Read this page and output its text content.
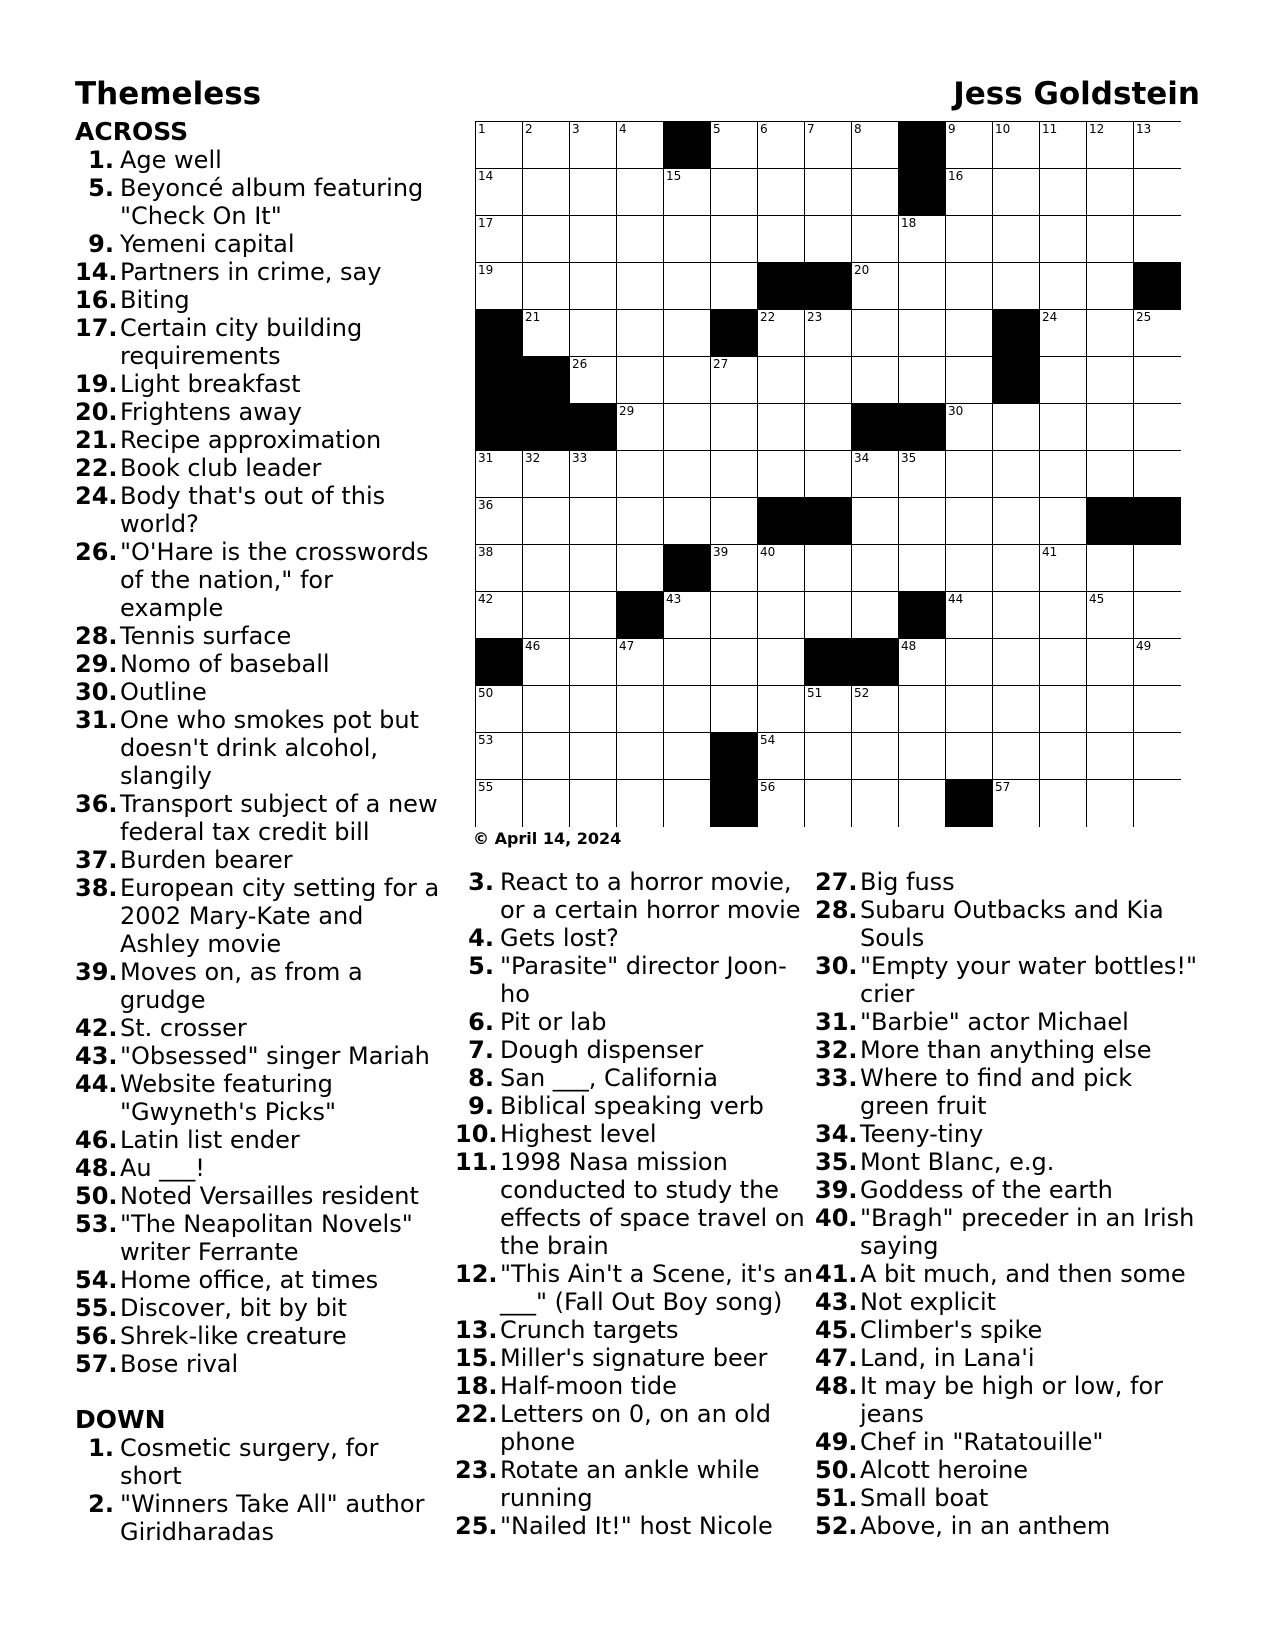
Themeless	Jess Goldstein
1	2	3	4	5	6	7	8	9	10	11	12	13
14	15	16
17	18
19	20
21	22	23	24	25
26	27
29	30
31	32	33	34	35
36
38	39	40	41
42	43	44	45
46	47	48	49
50	51	52
53	54
55	56	57
© April 14, 2024
ACROSS
1. Age well
5. Beyoncé album featuring "Check On It"
9. Yemeni capital
14. Partners in crime, say
16. Biting
17. Certain city building requirements
19. Light breakfast
20. Frightens away
21. Recipe approximation
22. Book club leader
24. Body that's out of this world?
26. "O'Hare is the crosswords of the nation," for example
28. Tennis surface
29. Nomo of baseball
30. Outline
31. One who smokes pot but doesn't drink alcohol, slangily
36. Transport subject of a new federal tax credit bill
37. Burden bearer
38. European city setting for a 2002 Mary-Kate and Ashley movie
39. Moves on, as from a grudge
42. St. crosser
43. "Obsessed" singer Mariah
44. Website featuring "Gwyneth's Picks"
46. Latin list ender
48. Au ___!
50. Noted Versailles resident
53. "The Neapolitan Novels" writer Ferrante
54. Home office, at times
55. Discover, bit by bit
56. Shrek-like creature
57. Bose rival
DOWN
1. Cosmetic surgery, for short
2. "Winners Take All" author Giridharadas
3. React to a horror movie, or a certain horror movie
4. Gets lost?
5. "Parasite" director Joon-ho
6. Pit or lab
7. Dough dispenser
8. San ___, California
9. Biblical speaking verb
10. Highest level
11. 1998 Nasa mission conducted to study the effects of space travel on the brain
12. "This Ain't a Scene, it's an ___" (Fall Out Boy song)
13. Crunch targets
15. Miller's signature beer
18. Half-moon tide
22. Letters on 0, on an old phone
23. Rotate an ankle while running
25. "Nailed It!" host Nicole
27. Big fuss
28. Subaru Outbacks and Kia Souls
30. "Empty your water bottles!" crier
31. "Barbie" actor Michael
32. More than anything else
33. Where to find and pick green fruit
34. Teeny-tiny
35. Mont Blanc, e.g.
39. Goddess of the earth
40. "Bragh" preceder in an Irish saying
41. A bit much, and then some
43. Not explicit
45. Climber's spike
47. Land, in Lana'i
48. It may be high or low, for jeans
49. Chef in "Ratatouille"
50. Alcott heroine
51. Small boat
52. Above, in an anthem
